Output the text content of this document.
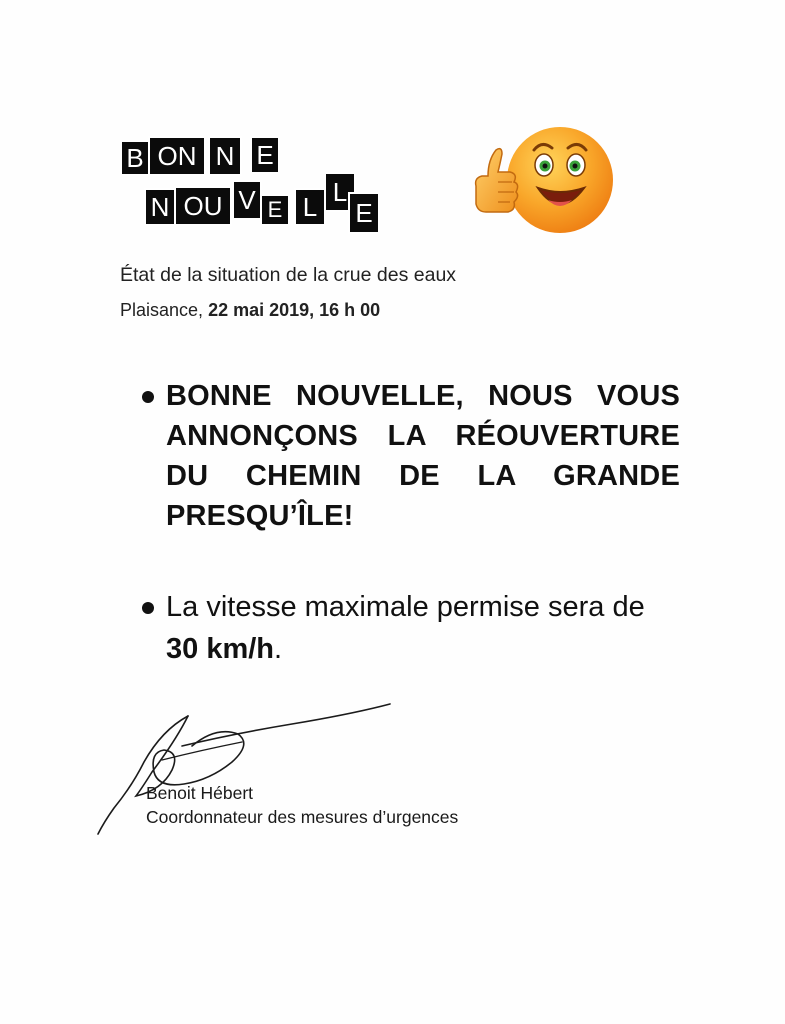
B ON N E
N OU V E L L
E
État de la situation de la crue des eaux
Plaisance, 22 mai 2019, 16 h 00
BONNE NOUVELLE, NOUS VOUS ANNONÇONS LA RÉOUVERTURE DU CHEMIN DE LA GRANDE PRESQU’ÎLE!
La vitesse maximale permise sera de
30 km/h.
Benoit Hébert
Coordonnateur des mesures d’urgences
